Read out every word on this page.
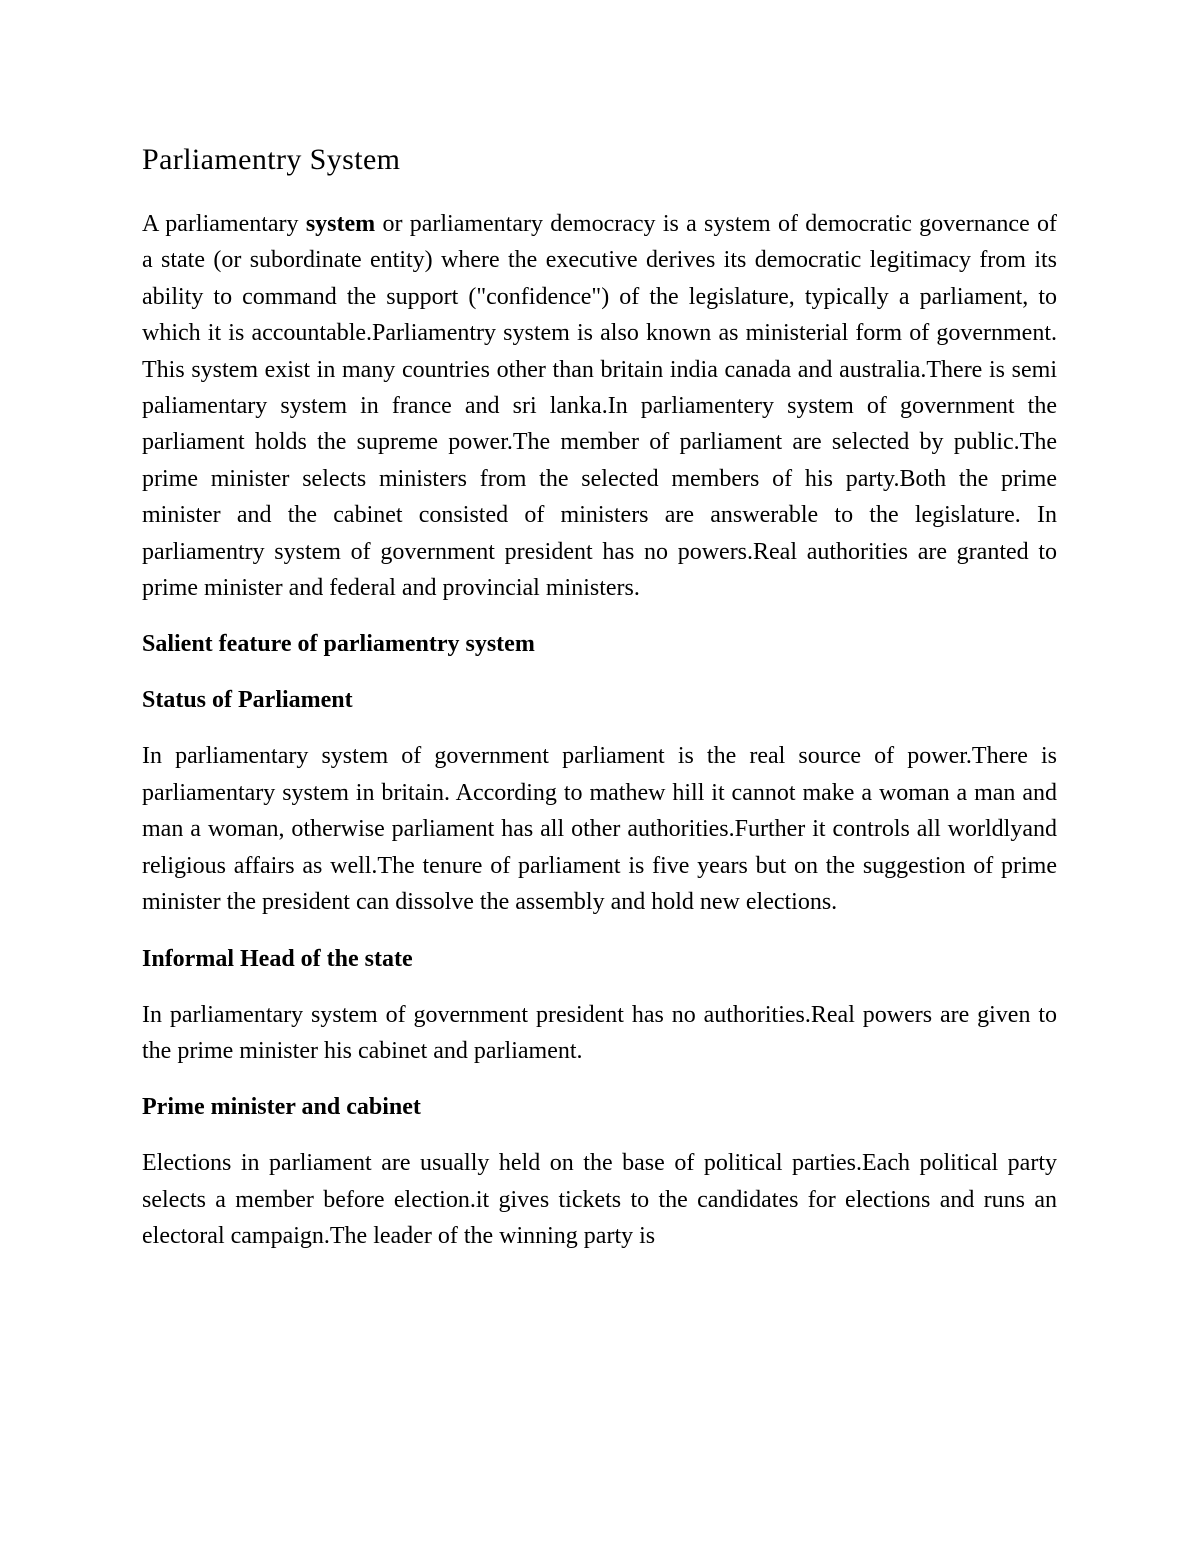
Parliamentry System

A parliamentary system or parliamentary democracy is a system of democratic governance of a state (or subordinate entity) where the executive derives its democratic legitimacy from its ability to command the support ("confidence") of the legislature, typically a parliament, to which it is accountable.Parliamentry system is also known as ministerial form of government. This system exist in many countries other than britain india canada and australia.There is semi paliamentary system in france and sri lanka.In parliamentery system of government the parliament holds the supreme power.The member of parliament are selected by public.The prime minister selects ministers from the selected members of his party.Both the prime minister and the cabinet consisted of ministers are answerable to the legislature. In parliamentry system of government president has no powers.Real authorities are granted to prime minister and federal and provincial ministers.

Salient feature of parliamentry system
Status of Parliament

In parliamentary system of government parliament is the real source of power.There is parliamentary system in britain. According to mathew hill it cannot make a woman a man and man a woman, otherwise parliament has all other authorities.Further it controls all worldlyand religious affairs as well.The tenure of parliament is five years but on the suggestion of prime minister the president can dissolve the assembly and hold new elections.

Informal Head of the state

In parliamentary system of government president has no authorities.Real powers are given to the prime minister his cabinet and parliament.

Prime minister and cabinet

Elections in parliament are usually held on the base of political parties.Each political party selects a member before election.it gives tickets to the candidates for elections and runs an electoral campaign.The leader of the winning party is
